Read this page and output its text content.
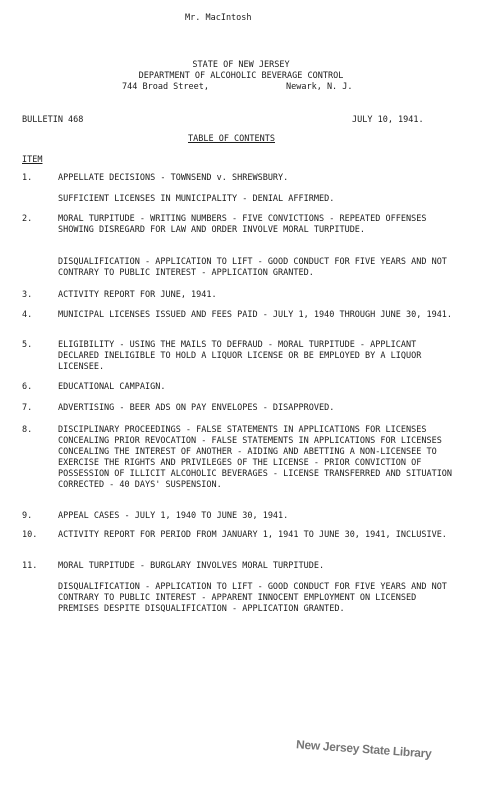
Mr. MacIntosh
STATE OF NEW JERSEY
DEPARTMENT OF ALCOHOLIC BEVERAGE CONTROL
744 Broad Street,	Newark, N. J.
BULLETIN 468	JULY 10, 1941.
TABLE OF CONTENTS
ITEM
1.	APPELLATE DECISIONS - TOWNSEND v. SHREWSBURY.
SUFFICIENT LICENSES IN MUNICIPALITY - DENIAL AFFIRMED.
2.	MORAL TURPITUDE - WRITING NUMBERS - FIVE CONVICTIONS - REPEATED OFFENSES SHOWING DISREGARD FOR LAW AND ORDER INVOLVE MORAL TURPITUDE.
DISQUALIFICATION - APPLICATION TO LIFT - GOOD CONDUCT FOR FIVE YEARS AND NOT CONTRARY TO PUBLIC INTEREST - APPLICATION GRANTED.
3.	ACTIVITY REPORT FOR JUNE, 1941.
4.	MUNICIPAL LICENSES ISSUED AND FEES PAID - JULY 1, 1940 THROUGH JUNE 30, 1941.
5.	ELIGIBILITY - USING THE MAILS TO DEFRAUD - MORAL TURPITUDE - APPLICANT DECLARED INELIGIBLE TO HOLD A LIQUOR LICENSE OR BE EMPLOYED BY A LIQUOR LICENSEE.
6.	EDUCATIONAL CAMPAIGN.
7.	ADVERTISING - BEER ADS ON PAY ENVELOPES - DISAPPROVED.
8.	DISCIPLINARY PROCEEDINGS - FALSE STATEMENTS IN APPLICATIONS FOR LICENSES CONCEALING PRIOR REVOCATION - FALSE STATEMENTS IN APPLICATIONS FOR LICENSES CONCEALING THE INTEREST OF ANOTHER - AIDING AND ABETTING A NON-LICENSEE TO EXERCISE THE RIGHTS AND PRIVILEGES OF THE LICENSE - PRIOR CONVICTION OF POSSESSION OF ILLICIT ALCOHOLIC BEVERAGES - LICENSE TRANSFERRED AND SITUATION CORRECTED - 40 DAYS' SUSPENSION.
9.	APPEAL CASES - JULY 1, 1940 TO JUNE 30, 1941.
10. ACTIVITY REPORT FOR PERIOD FROM JANUARY 1, 1941 TO JUNE 30, 1941, INCLUSIVE.
11. MORAL TURPITUDE - BURGLARY INVOLVES MORAL TURPITUDE.
DISQUALIFICATION - APPLICATION TO LIFT - GOOD CONDUCT FOR FIVE YEARS AND NOT CONTRARY TO PUBLIC INTEREST - APPARENT INNOCENT EMPLOYMENT ON LICENSED PREMISES DESPITE DISQUALIFICATION - APPLICATION GRANTED.
New Jersey State Library
